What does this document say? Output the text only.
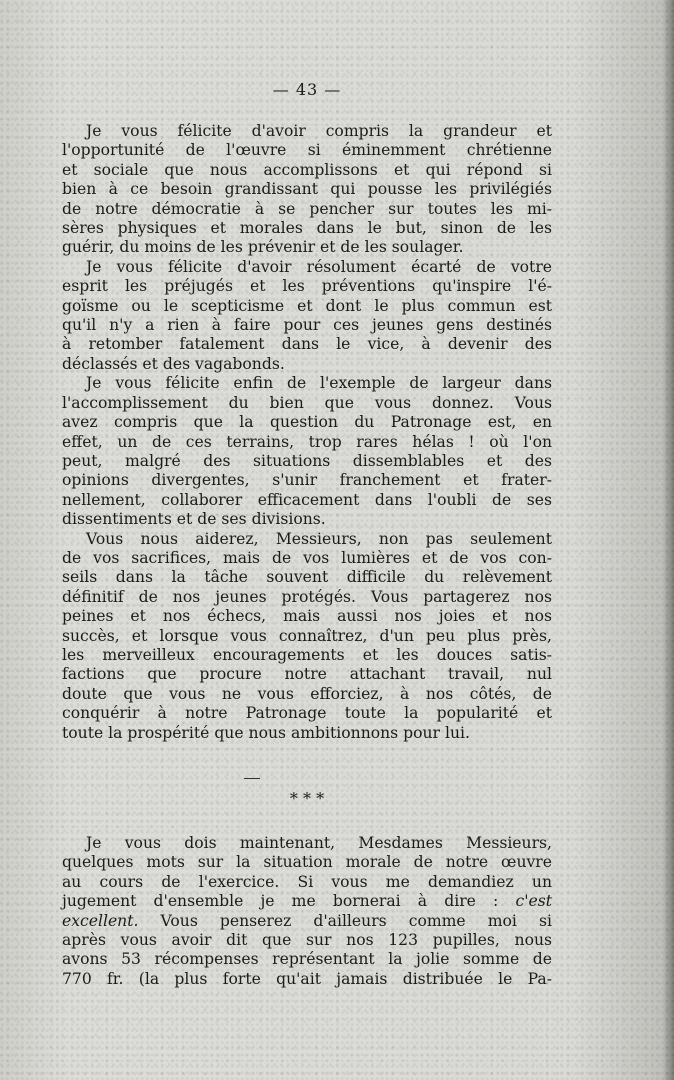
— 43 —
Je vous félicite d'avoir compris la grandeur et
l'opportunité de l'œuvre si éminemment chrétienne
et sociale que nous accomplissons et qui répond si
bien à ce besoin grandissant qui pousse les privilégiés
de notre démocratie à se pencher sur toutes les mi-
sères physiques et morales dans le but, sinon de les
guérir, du moins de les prévenir et de les soulager.
Je vous félicite d'avoir résolument écarté de votre
esprit les préjugés et les préventions qu'inspire l'é-
goïsme ou le scepticisme et dont le plus commun est
qu'il n'y a rien à faire pour ces jeunes gens destinés
à retomber fatalement dans le vice, à devenir des
déclassés et des vagabonds.
Je vous félicite enfin de l'exemple de largeur dans
l'accomplissement du bien que vous donnez. Vous
avez compris que la question du Patronage est, en
effet, un de ces terrains, trop rares hélas ! où l'on
peut, malgré des situations dissemblables et des
opinions divergentes, s'unir franchement et frater-
nellement, collaborer efficacement dans l'oubli de ses
dissentiments et de ses divisions.
Vous nous aiderez, Messieurs, non pas seulement
de vos sacrifices, mais de vos lumières et de vos con-
seils dans la tâche souvent difficile du relèvement
définitif de nos jeunes protégés. Vous partagerez nos
peines et nos échecs, mais aussi nos joies et nos
succès, et lorsque vous connaîtrez, d'un peu plus près,
les merveilleux encouragements et les douces satis-
factions que procure notre attachant travail, nul
doute que vous ne vous efforciez, à nos côtés, de
conquérir à notre Patronage toute la popularité et
toute la prospérité que nous ambitionnons pour lui.
* * *
Je vous dois maintenant, Mesdames Messieurs,
quelques mots sur la situation morale de notre œuvre
au cours de l'exercice. Si vous me demandiez un
jugement d'ensemble je me bornerai à dire : c'est
excellent. Vous penserez d'ailleurs comme moi si
après vous avoir dit que sur nos 123 pupilles, nous
avons 53 récompenses représentant la jolie somme de
770 fr. (la plus forte qu'ait jamais distribuée le Pa-
